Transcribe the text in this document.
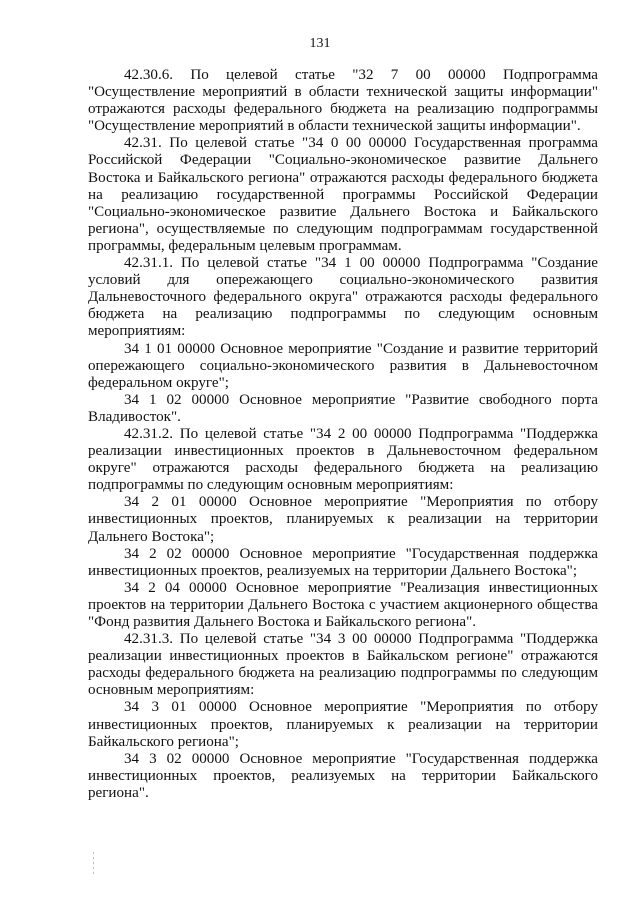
131

42.30.6. По целевой статье "32 7 00 00000 Подпрограмма "Осуществление мероприятий в области технической защиты информации" отражаются расходы федерального бюджета на реализацию подпрограммы "Осуществление мероприятий в области технической защиты информации".

42.31. По целевой статье "34 0 00 00000 Государственная программа Российской Федерации "Социально-экономическое развитие Дальнего Востока и Байкальского региона" отражаются расходы федерального бюджета на реализацию государственной программы Российской Федерации "Социально-экономическое развитие Дальнего Востока и Байкальского региона", осуществляемые по следующим подпрограммам государственной программы, федеральным целевым программам.

42.31.1. По целевой статье "34 1 00 00000 Подпрограмма "Создание условий для опережающего социально-экономического развития Дальневосточного федерального округа" отражаются расходы федерального бюджета на реализацию подпрограммы по следующим основным мероприятиям:

34 1 01 00000 Основное мероприятие "Создание и развитие территорий опережающего социально-экономического развития в Дальневосточном федеральном округе";

34 1 02 00000 Основное мероприятие "Развитие свободного порта Владивосток".

42.31.2. По целевой статье "34 2 00 00000 Подпрограмма "Поддержка реализации инвестиционных проектов в Дальневосточном федеральном округе" отражаются расходы федерального бюджета на реализацию подпрограммы по следующим основным мероприятиям:

34 2 01 00000 Основное мероприятие "Мероприятия по отбору инвестиционных проектов, планируемых к реализации на территории Дальнего Востока";

34 2 02 00000 Основное мероприятие "Государственная поддержка инвестиционных проектов, реализуемых на территории Дальнего Востока";

34 2 04 00000 Основное мероприятие "Реализация инвестиционных проектов на территории Дальнего Востока с участием акционерного общества "Фонд развития Дальнего Востока и Байкальского региона".

42.31.3. По целевой статье "34 3 00 00000 Подпрограмма "Поддержка реализации инвестиционных проектов в Байкальском регионе" отражаются расходы федерального бюджета на реализацию подпрограммы по следующим основным мероприятиям:

34 3 01 00000 Основное мероприятие "Мероприятия по отбору инвестиционных проектов, планируемых к реализации на территории Байкальского региона";

34 3 02 00000 Основное мероприятие "Государственная поддержка инвестиционных проектов, реализуемых на территории Байкальского региона".
